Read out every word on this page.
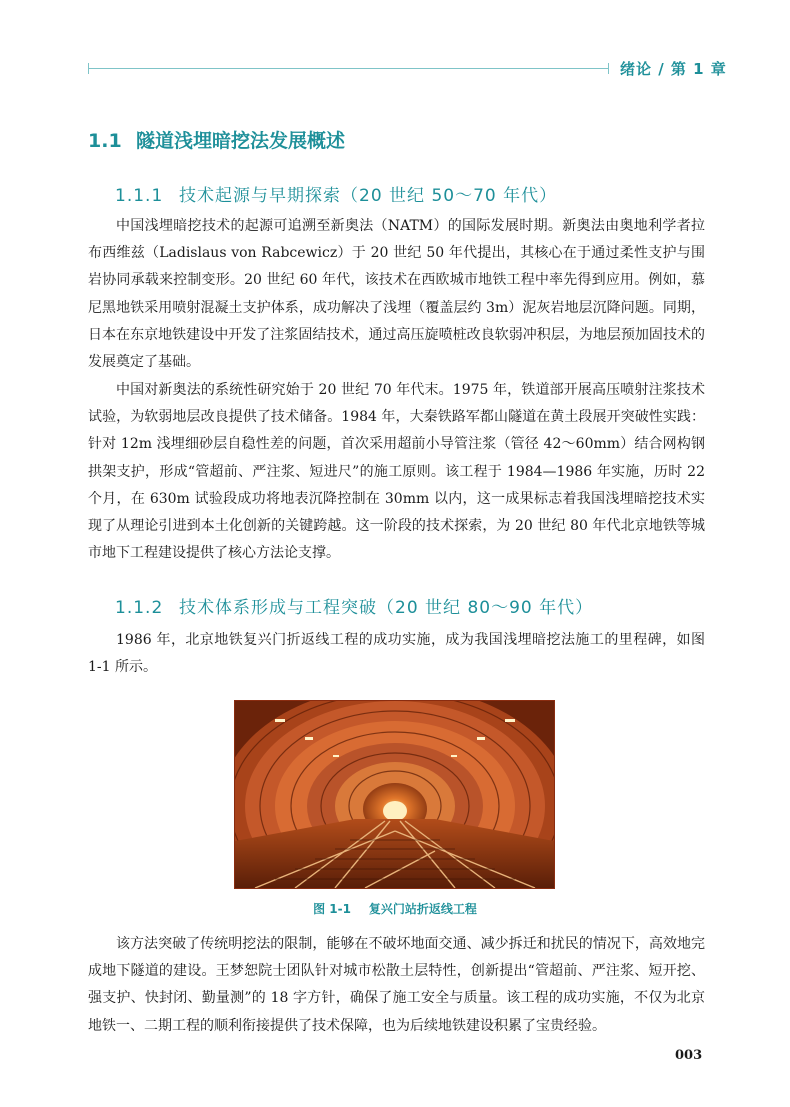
绪论 / 第 1 章
1.1 隧道浅埋暗挖法发展概述
1.1.1 技术起源与早期探索（20 世纪 50～70 年代）

中国浅埋暗挖技术的起源可追溯至新奥法（NATM）的国际发展时期。新奥法由奥地利学者拉布西维兹（Ladislaus von Rabcewicz）于 20 世纪 50 年代提出，其核心在于通过柔性支护与围岩协同承载来控制变形。20 世纪 60 年代，该技术在西欧城市地铁工程中率先得到应用。例如，慕尼黑地铁采用喷射混凝土支护体系，成功解决了浅埋（覆盖层约 3m）泥灰岩地层沉降问题。同期，日本在东京地铁建设中开发了注浆固结技术，通过高压旋喷桩改良软弱冲积层，为地层预加固技术的发展奠定了基础。

中国对新奥法的系统性研究始于 20 世纪 70 年代末。1975 年，铁道部开展高压喷射注浆技术试验，为软弱地层改良提供了技术储备。1984 年，大秦铁路军都山隧道在黄土段展开突破性实践：针对 12m 浅埋细砂层自稳性差的问题，首次采用超前小导管注浆（管径 42～60mm）结合网构钢拱架支护，形成“管超前、严注浆、短进尺”的施工原则。该工程于 1984—1986 年实施，历时 22 个月，在 630m 试验段成功将地表沉降控制在 30mm 以内，这一成果标志着我国浅埋暗挖技术实现了从理论引进到本土化创新的关键跨越。这一阶段的技术探索，为 20 世纪 80 年代北京地铁等城市地下工程建设提供了核心方法论支撑。

1.1.2 技术体系形成与工程突破（20 世纪 80～90 年代）

1986 年，北京地铁复兴门折返线工程的成功实施，成为我国浅埋暗挖法施工的里程碑，如图 1-1 所示。

图 1-1 复兴门站折返线工程

该方法突破了传统明挖法的限制，能够在不破坏地面交通、减少拆迁和扰民的情况下，高效地完成地下隧道的建设。王梦恕院士团队针对城市松散土层特性，创新提出“管超前、严注浆、短开挖、强支护、快封闭、勤量测”的 18 字方针，确保了施工安全与质量。该工程的成功实施，不仅为北京地铁一、二期工程的顺利衔接提供了技术保障，也为后续地铁建设积累了宝贵经验。

003
